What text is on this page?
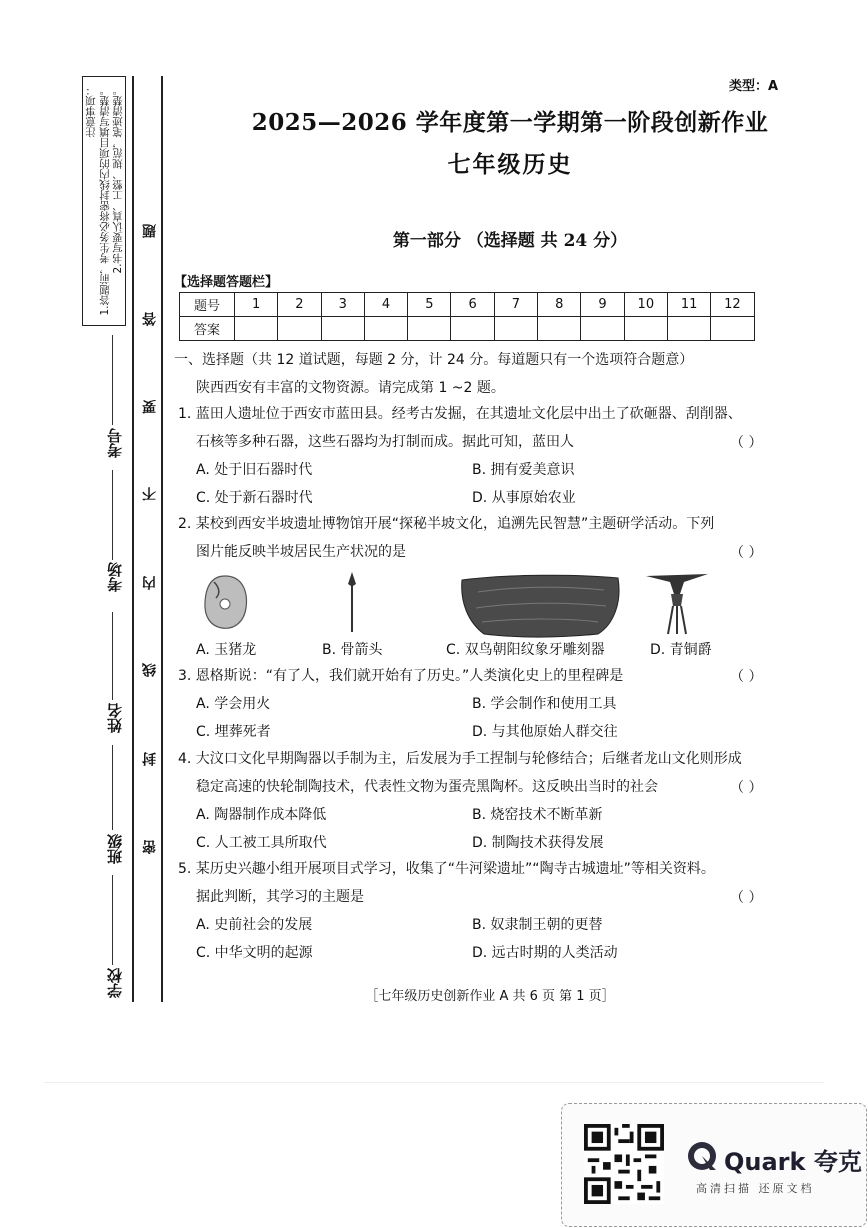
注意事项： 1.答题前，考生务必将密封线内的项目填写清楚。 2.书写要认真、工整、规范，笔迹清楚。
考号
考场
姓名
班级
学校
题
答
要
不
内
线
封
密
类型：A
2025—2026 学年度第一学期第一阶段创新作业
七年级历史
第一部分 （选择题 共 24 分）
【选择题答题栏】
题号	1	2	3	4	5	6	7	8	9	10	11	12
答案												
一、选择题（共 12 道试题，每题 2 分，计 24 分。每道题只有一个选项符合题意）
陕西西安有丰富的文物资源。请完成第 1 ~2 题。
1. 蓝田人遗址位于西安市蓝田县。经考古发掘，在其遗址文化层中出土了砍砸器、刮削器、
石核等多种石器，这些石器均为打制而成。据此可知，蓝田人	（ ）
A. 处于旧石器时代	B. 拥有爱美意识
C. 处于新石器时代	D. 从事原始农业
2. 某校到西安半坡遗址博物馆开展“探秘半坡文化，追溯先民智慧”主题研学活动。下列
图片能反映半坡居民生产状况的是	（ ）
A. 玉猪龙	B. 骨箭头	C. 双鸟朝阳纹象牙雕刻器	D. 青铜爵
3. 恩格斯说：“有了人，我们就开始有了历史。”人类演化史上的里程碑是	（ ）
A. 学会用火	B. 学会制作和使用工具
C. 埋葬死者	D. 与其他原始人群交往
4. 大汶口文化早期陶器以手制为主，后发展为手工捏制与轮修结合；后继者龙山文化则形成
稳定高速的快轮制陶技术，代表性文物为蛋壳黑陶杯。这反映出当时的社会	（ ）
A. 陶器制作成本降低	B. 烧窑技术不断革新
C. 人工被工具所取代	D. 制陶技术获得发展
5. 某历史兴趣小组开展项目式学习，收集了“牛河梁遗址”“陶寺古城遗址”等相关资料。
据此判断，其学习的主题是	（ ）
A. 史前社会的发展	B. 奴隶制王朝的更替
C. 中华文明的起源	D. 远古时期的人类活动
［七年级历史创新作业 A 共 6 页 第 1 页］
Quark 夸克
高清扫描 还原文档
